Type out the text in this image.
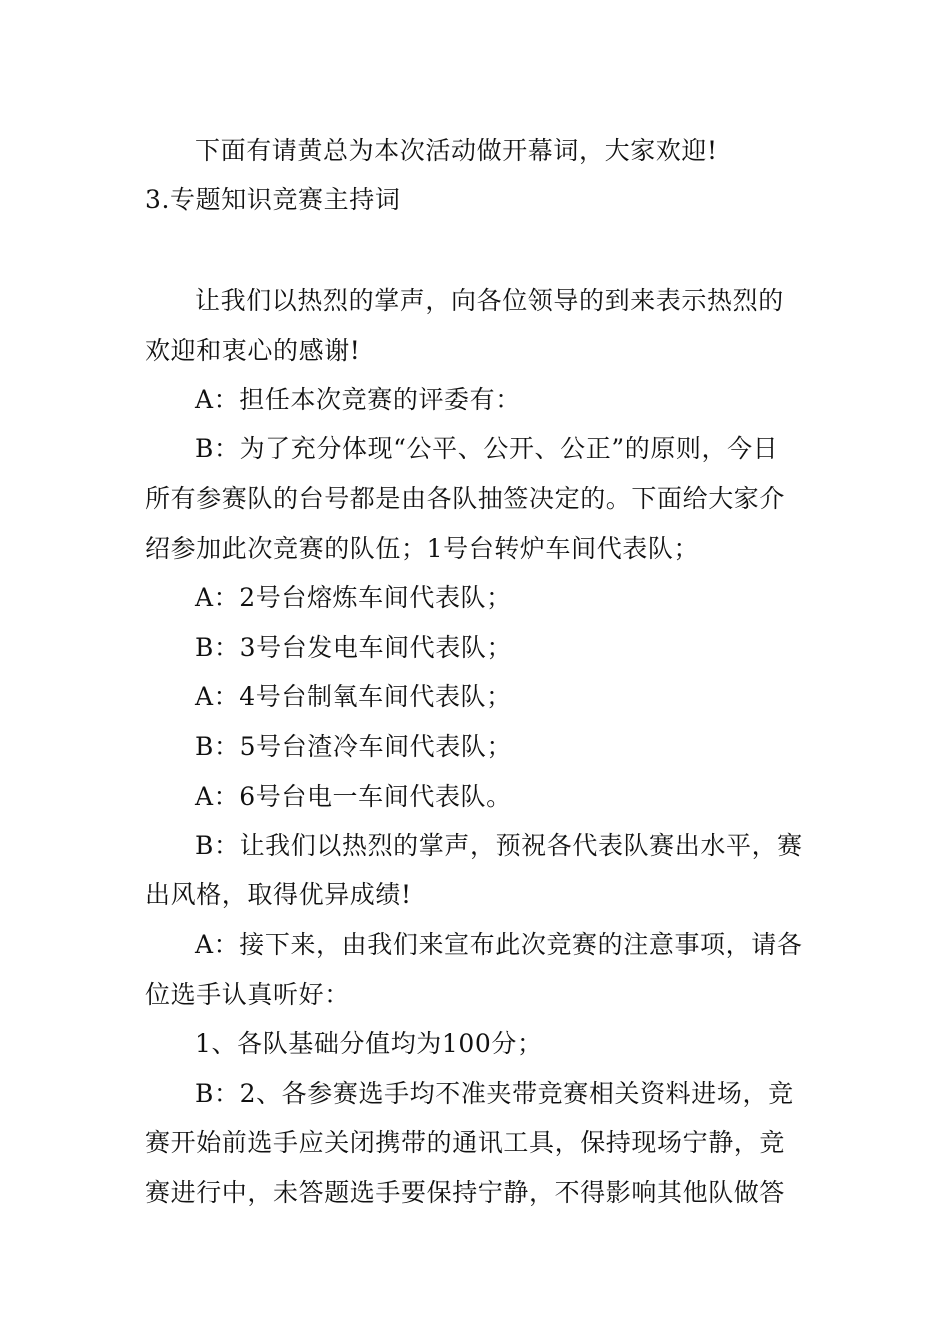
下面有请黄总为本次活动做开幕词，大家欢迎!
3.专题知识竞赛主持词
让我们以热烈的掌声，向各位领导的到来表示热烈的
欢迎和衷心的感谢!
A：担任本次竞赛的评委有：
B：为了充分体现“公平、公开、公正”的原则，今日
所有参赛队的台号都是由各队抽签决定的。下面给大家介
绍参加此次竞赛的队伍；1号台转炉车间代表队；
A：2号台熔炼车间代表队；
B：3号台发电车间代表队；
A：4号台制氧车间代表队；
B：5号台渣冷车间代表队；
A：6号台电一车间代表队。
B：让我们以热烈的掌声，预祝各代表队赛出水平，赛
出风格，取得优异成绩!
A：接下来，由我们来宣布此次竞赛的注意事项，请各
位选手认真听好：
1、各队基础分值均为100分；
B：2、各参赛选手均不准夹带竞赛相关资料进场，竞
赛开始前选手应关闭携带的通讯工具，保持现场宁静，竞
赛进行中，未答题选手要保持宁静，不得影响其他队做答
